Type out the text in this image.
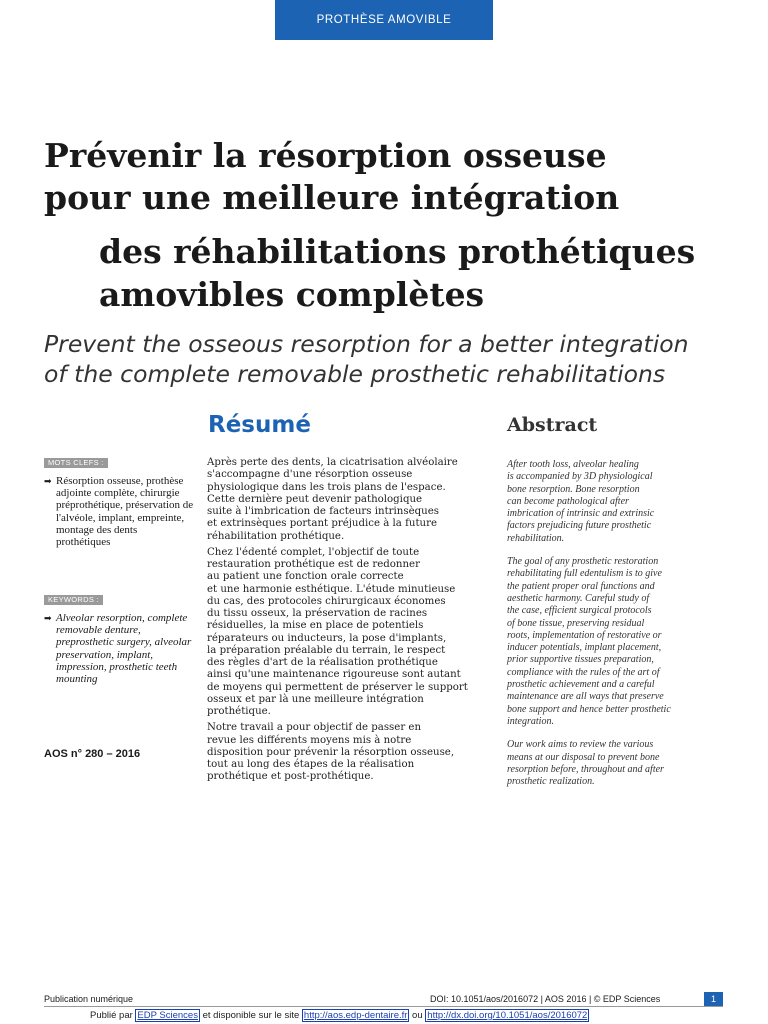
PROTHÈSE AMOVIBLE
Prévenir la résorption osseuse
pour une meilleure intégration
des réhabilitations prothétiques
amovibles complètes

Prevent the osseous resorption for a better integration

of the complete removable prosthetic rehabilitations

Résumé	Abstract
MOTS CLEFS :
➡ Résorption osseuse, prothèse adjointe complète, chirurgie préprothétique, préservation de l'alvéole, implant, empreinte, montage des dents prothétiques
KEYWORDS :
➡ Alveolar resorption, complete removable denture, preprosthetic surgery, alveolar preservation, implant, impression, prosthetic teeth mounting
AOS n° 280 – 2016

Après perte des dents, la cicatrisation alvéolaire
s'accompagne d'une résorption osseuse
physiologique dans les trois plans de l'espace.
Cette dernière peut devenir pathologique
suite à l'imbrication de facteurs intrinsèques
et extrinsèques portant préjudice à la future
réhabilitation prothétique.

Chez l'édenté complet, l'objectif de toute
restauration prothétique est de redonner
au patient une fonction orale correcte
et une harmonie esthétique. L'étude minutieuse
du cas, des protocoles chirurgicaux économes
du tissu osseux, la préservation de racines
résiduelles, la mise en place de potentiels
réparateurs ou inducteurs, la pose d'implants,
la préparation préalable du terrain, le respect
des règles d'art de la réalisation prothétique
ainsi qu'une maintenance rigoureuse sont autant
de moyens qui permettent de préserver le support
osseux et par là une meilleure intégration
prothétique.

Notre travail a pour objectif de passer en
revue les différents moyens mis à notre
disposition pour prévenir la résorption osseuse,
tout au long des étapes de la réalisation
prothétique et post-prothétique.

After tooth loss, alveolar healing
is accompanied by 3D physiological
bone resorption. Bone resorption
can become pathological after
imbrication of intrinsic and extrinsic
factors prejudicing future prosthetic
rehabilitation.

The goal of any prosthetic restoration
rehabilitating full edentulism is to give
the patient proper oral functions and
aesthetic harmony. Careful study of
the case, efficient surgical protocols
of bone tissue, preserving residual
roots, implementation of restorative or
inducer potentials, implant placement,
prior supportive tissues preparation,
compliance with the rules of the art of
prosthetic achievement and a careful
maintenance are all ways that preserve
bone support and hence better prosthetic
integration.

Our work aims to review the various
means at our disposal to prevent bone
resorption before, throughout and after
prosthetic realization.

Publication numérique	DOI: 10.1051/aos/2016072 | AOS 2016 | © EDP Sciences	1
Publié par EDP Sciences et disponible sur le site http://aos.edp-dentaire.fr ou http://dx.doi.org/10.1051/aos/2016072
